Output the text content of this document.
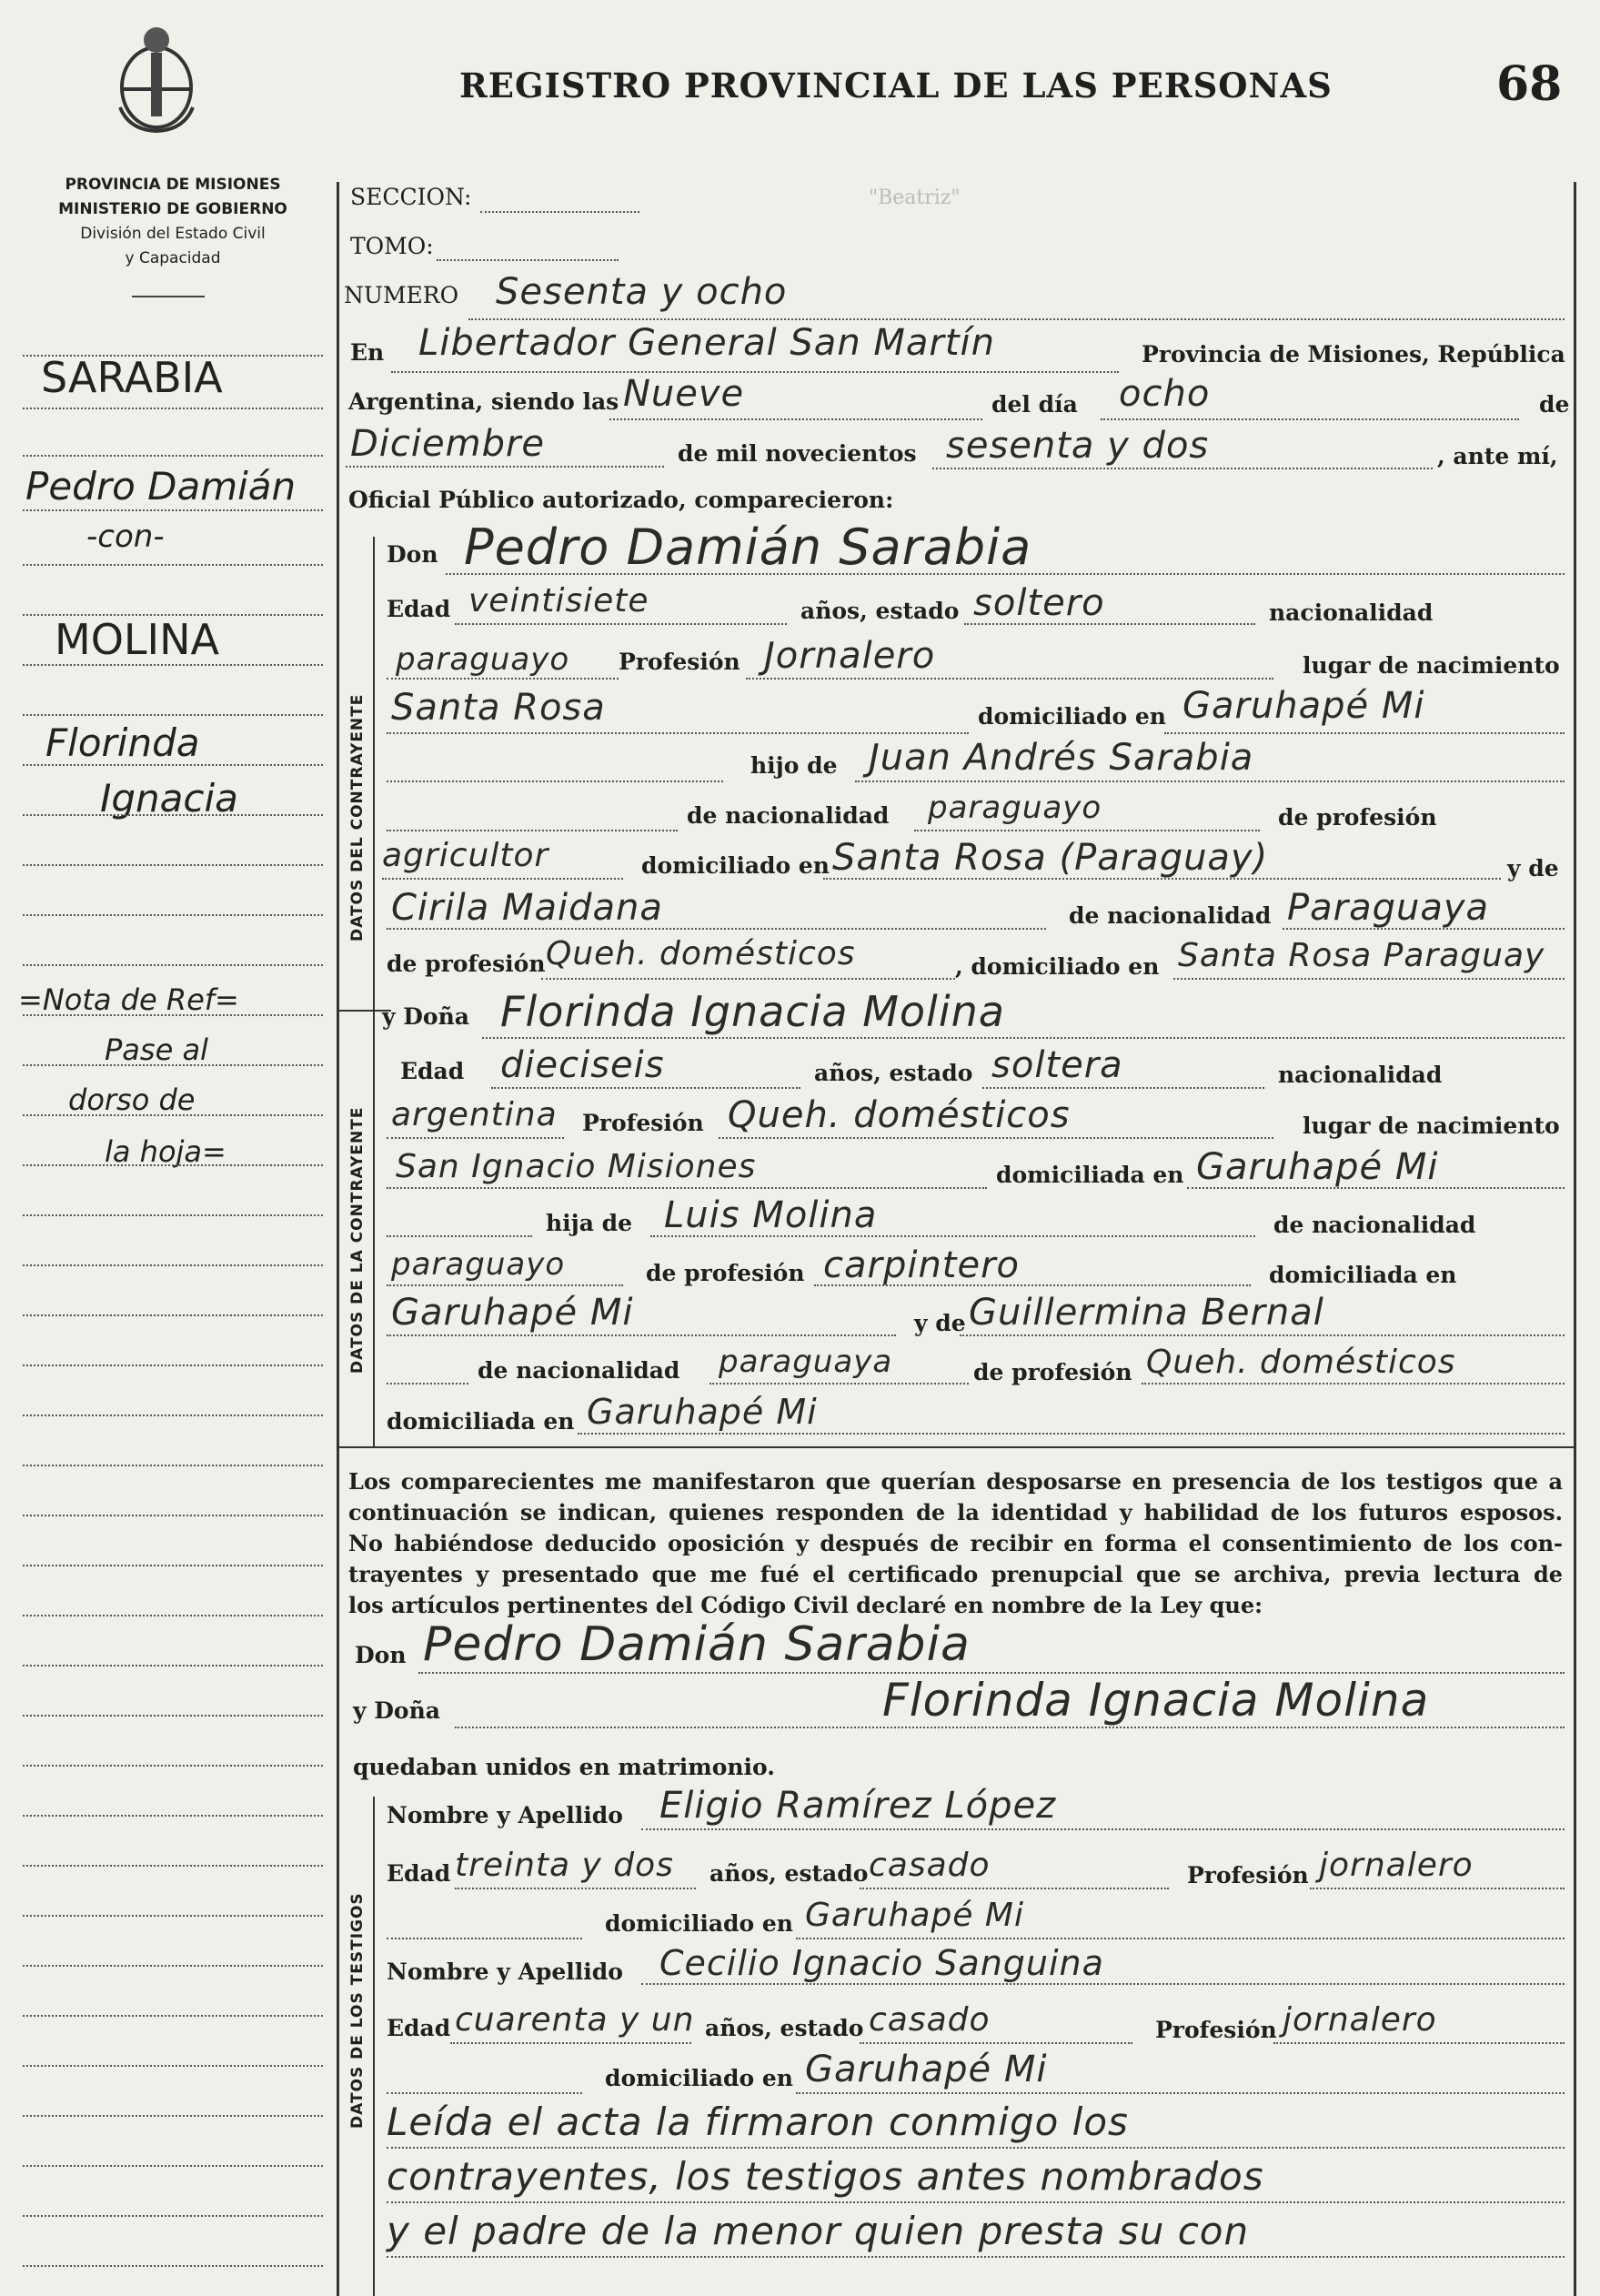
REGISTRO PROVINCIAL DE LAS PERSONAS	68
PROVINCIA DE MISIONES
MINISTERIO DE GOBIERNO
División del Estado Civil
y Capacidad
DATOS DEL CONTRAYENTE
DATOS DE LA CONTRAYENTE
DATOS DE LOS TESTIGOS
SARABIA
Pedro Damián
-con-
MOLINA
Florinda
Ignacia
=Nota de Ref=
Pase al
dorso de
la hoja=
SECCION:	"Beatriz"
TOMO:
NUMERO Sesenta y ocho
En Libertador General San Martín	Provincia de Misiones, República
Argentina, siendo las Nueve	del día ocho	de
Diciembre	de mil novecientos sesenta y dos	, ante mí,
Oficial Público autorizado, comparecieron:
Don Pedro Damián Sarabia
Edad veintisiete	años, estado soltero	nacionalidad
paraguayo Profesión Jornalero	lugar de nacimiento
Santa Rosa	domiciliado en Garuhapé Mi
hijo de Juan Andrés Sarabia
de nacionalidad paraguayo	de profesión
agricultor	domiciliado en Santa Rosa (Paraguay)	y de
Cirila Maidana	de nacionalidad Paraguaya
de profesión Queh. domésticos	, domiciliado en Santa Rosa Paraguay
y Doña Florinda Ignacia Molina
Edad dieciseis	años, estado soltera	nacionalidad
argentina Profesión Queh. domésticos	lugar de nacimiento
San Ignacio Misiones	domiciliada en Garuhapé Mi
hija de Luis Molina	de nacionalidad
paraguayo	de profesión carpintero	domiciliada en
Garuhapé Mi	y de Guillermina Bernal
de nacionalidad paraguaya	de profesión Queh. domésticos
domiciliada en Garuhapé Mi
Los comparecientes me manifestaron que querían desposarse en presencia de los testigos que a
continuación se indican, quienes responden de la identidad y habilidad de los futuros esposos.
No habiéndose deducido oposición y después de recibir en forma el consentimiento de los con-
trayentes y presentado que me fué el certificado prenupcial que se archiva, previa lectura de
los artículos pertinentes del Código Civil declaré en nombre de la Ley que:
Don Pedro Damián Sarabia
y Doña	Florinda Ignacia Molina
quedaban unidos en matrimonio.
Nombre y Apellido Eligio Ramírez López
Edad treinta y dos años, estado casado	Profesión jornalero
domiciliado en Garuhapé Mi
Nombre y Apellido Cecilio Ignacio Sanguina
Edad cuarenta y un años, estado casado	Profesión jornalero
domiciliado en Garuhapé Mi
Leída el acta la firmaron conmigo los
contrayentes, los testigos antes nombrados
y el padre de la menor quien presta su con
